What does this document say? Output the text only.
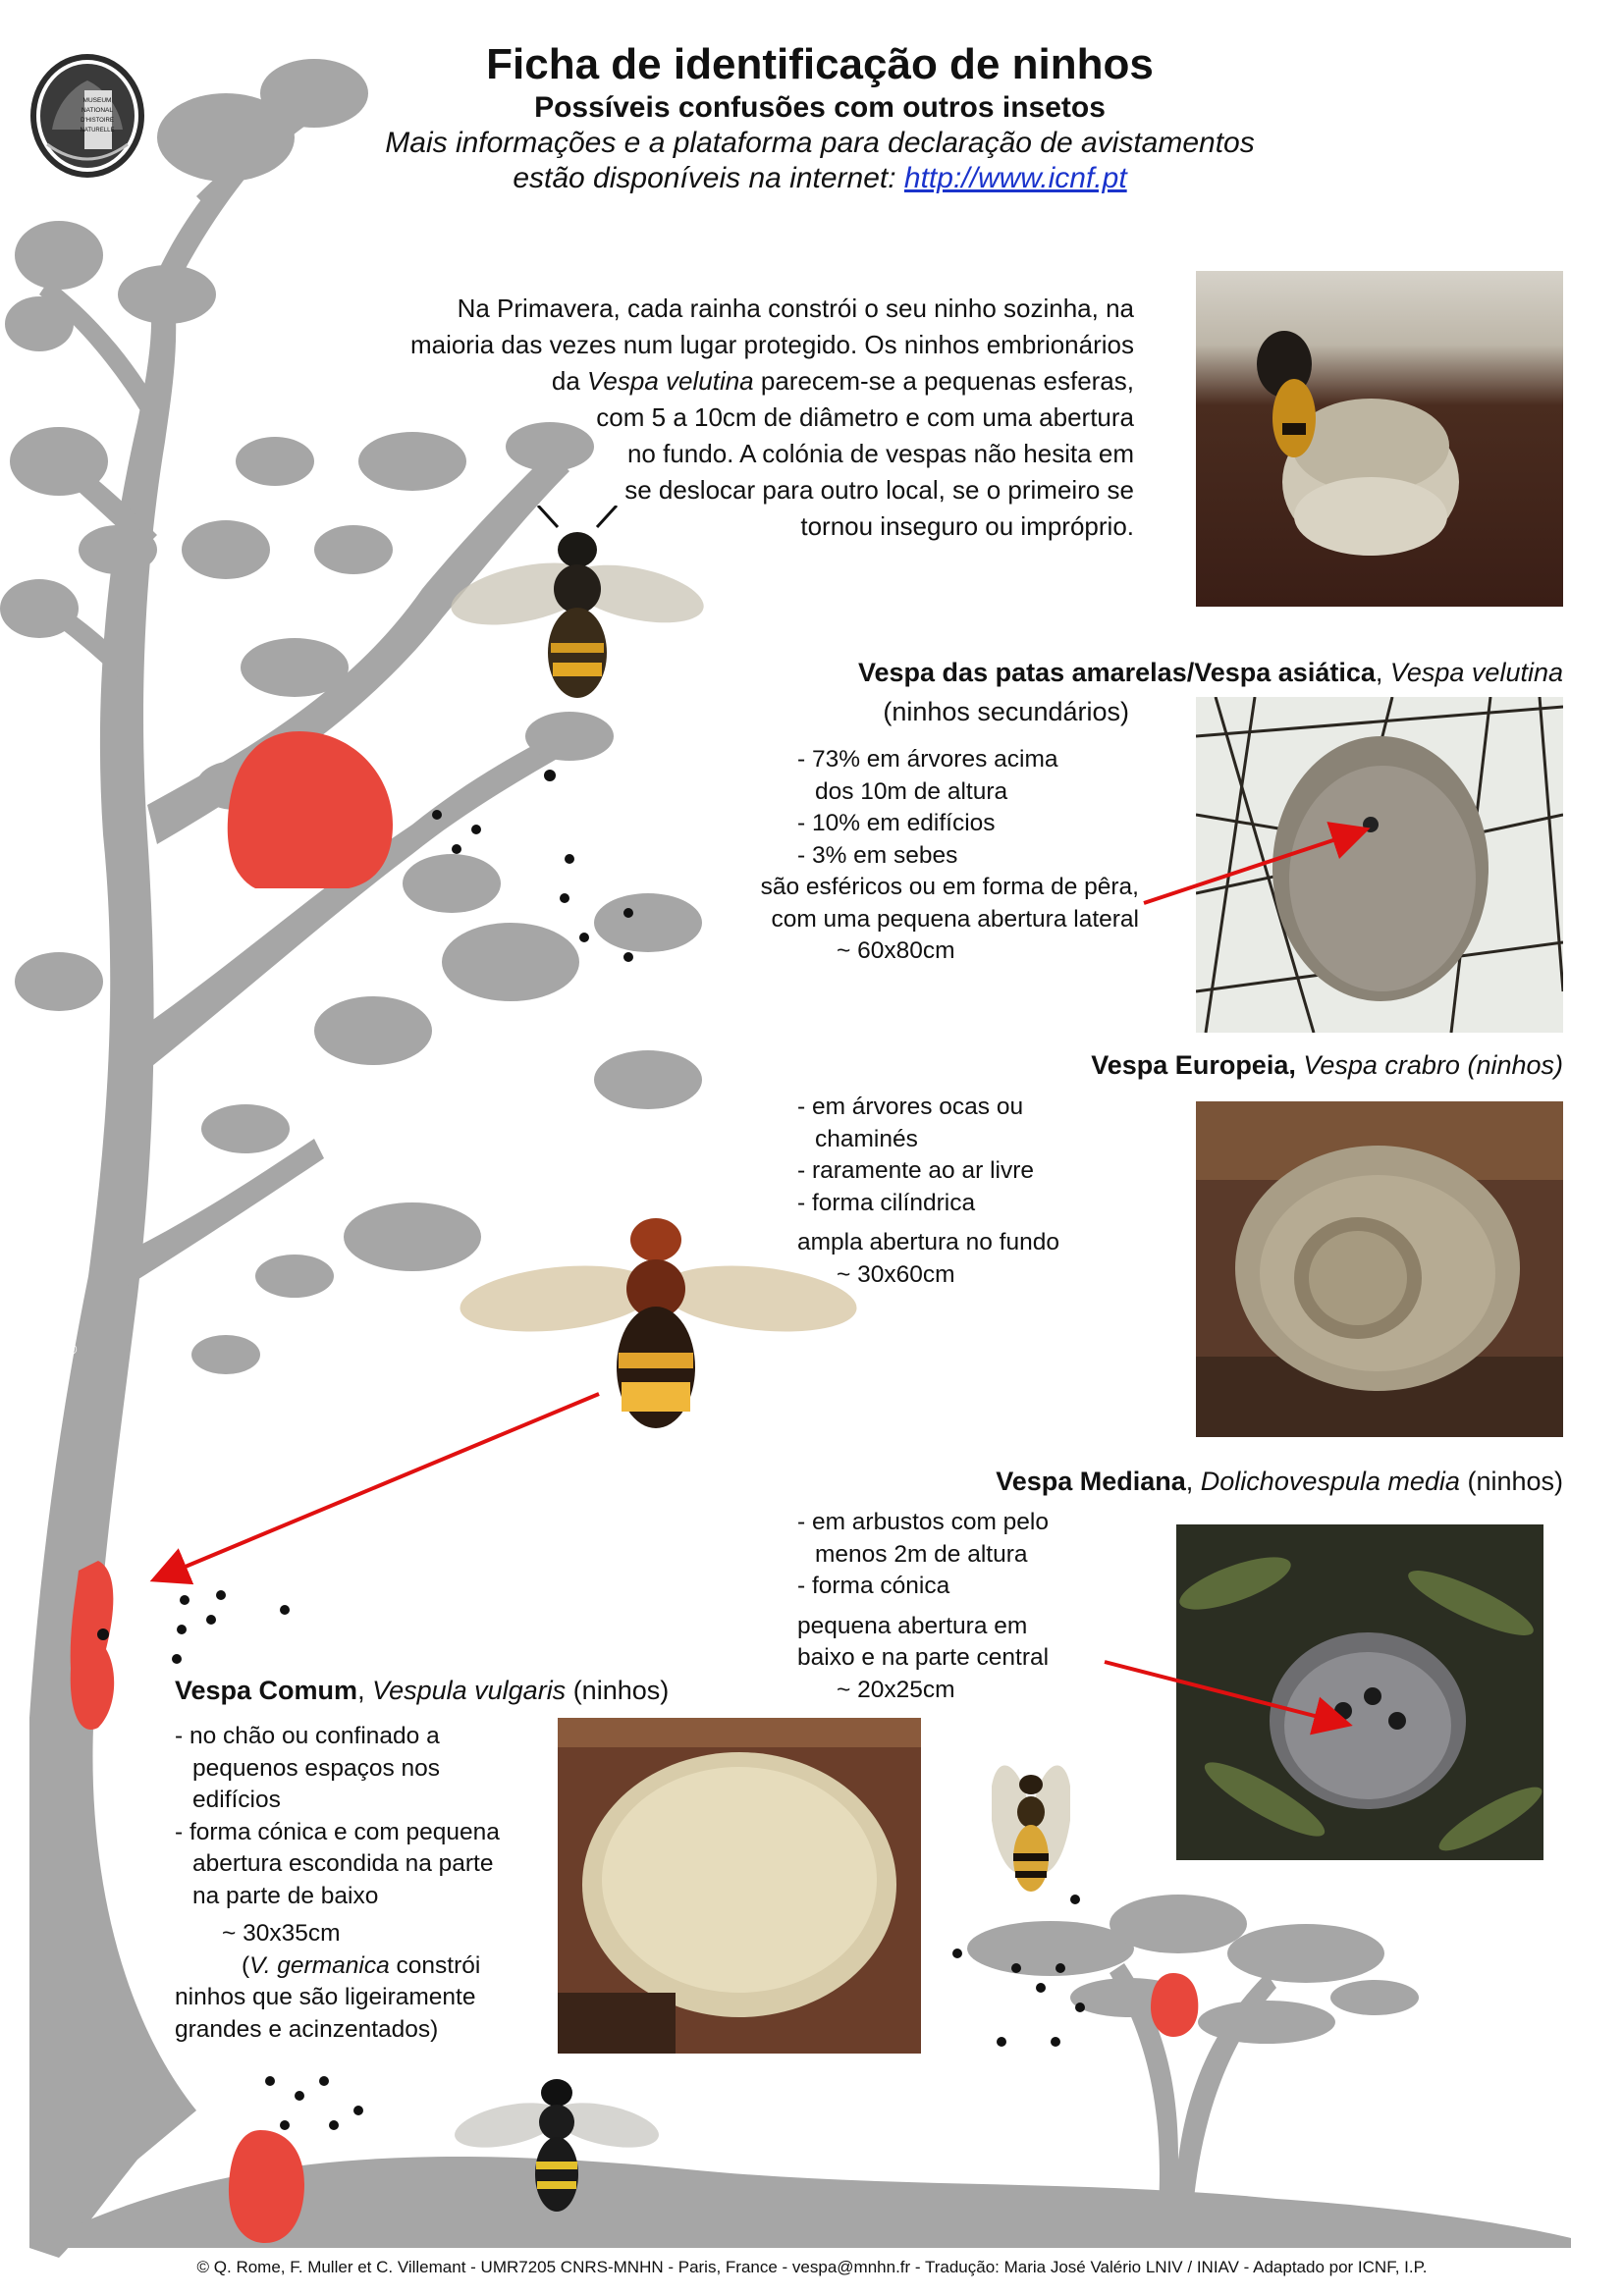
© M. Delfiore
MUSEUM
NATIONAL
D'HISTOIRE
NATURELLE
Ficha de identificação de ninhos
Possíveis confusões com outros insetos
Mais informações e a plataforma para declaração de avistamentos
estão disponíveis na internet: http://www.icnf.pt
Na Primavera, cada rainha constrói o seu ninho sozinha, na
maioria das vezes num lugar protegido. Os ninhos embrionários
da Vespa velutina parecem-se a pequenas esferas,
com 5 a 10cm de diâmetro e com uma abertura
no fundo. A colónia de vespas não hesita em
se deslocar para outro local, se o primeiro se
tornou inseguro ou impróprio.
Vespa das patas amarelas/Vespa asiática, Vespa velutina
(ninhos secundários)
- 73% em árvores acima
dos 10m de altura
- 10% em edifícios
- 3% em sebes
são esféricos ou em forma de pêra,
com uma pequena abertura lateral
~ 60x80cm
Vespa Europeia, Vespa crabro (ninhos)
- em árvores ocas ou
chaminés
- raramente ao ar livre
- forma cilíndrica
ampla abertura no fundo
~ 30x60cm
Vespa Mediana, Dolichovespula media (ninhos)
- em arbustos com pelo
menos 2m de altura
- forma cónica
pequena abertura em
baixo e na parte central
~ 20x25cm
Vespa Comum, Vespula vulgaris (ninhos)
- no chão ou confinado a
pequenos espaços nos
edifícios
- forma cónica e com pequena
abertura escondida na parte
na parte de baixo
~ 30x35cm
(V. germanica constrói
ninhos que são ligeiramente
grandes e acinzentados)
© Q. Rome, F. Muller et C. Villemant - UMR7205 CNRS-MNHN - Paris, France - vespa@mnhn.fr - Tradução: Maria José Valério LNIV / INIAV - Adaptado por ICNF, I.P.
